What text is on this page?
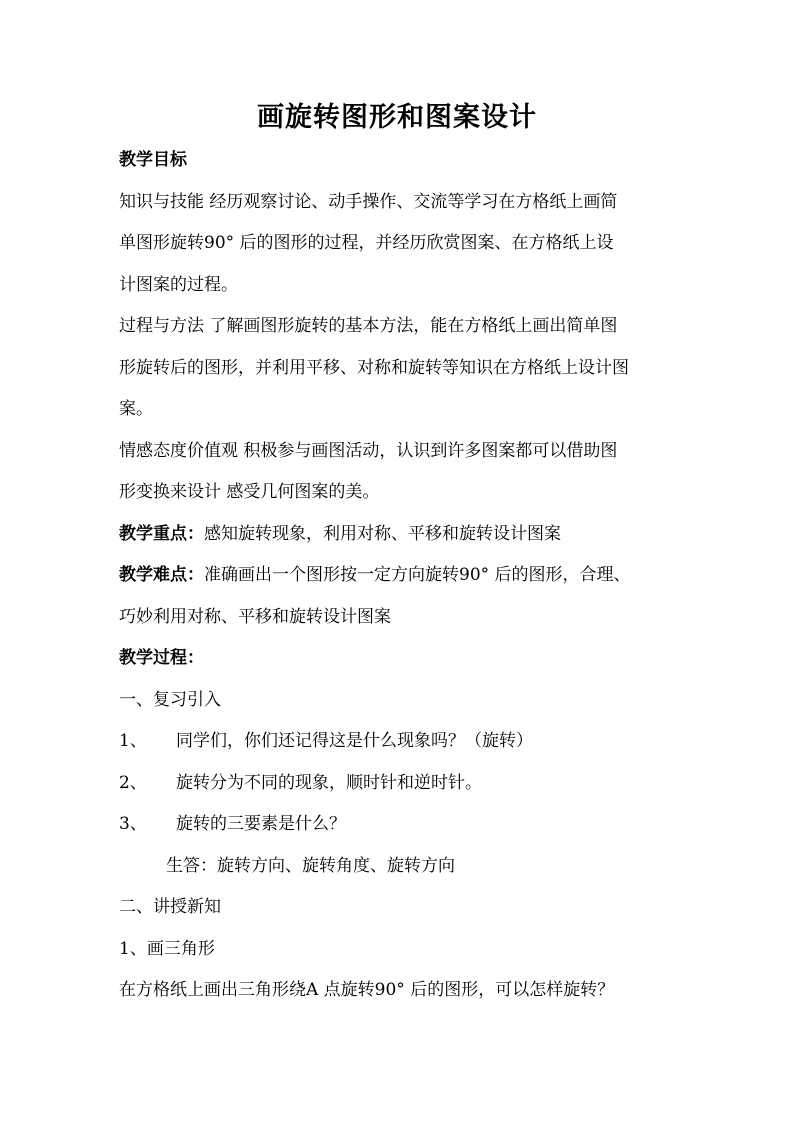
画旋转图形和图案设计
教学目标
知识与技能 经历观察讨论、动手操作、交流等学习在方格纸上画简
单图形旋转90° 后的图形的过程，并经历欣赏图案、在方格纸上设
计图案的过程。
过程与方法 了解画图形旋转的基本方法，能在方格纸上画出简单图
形旋转后的图形，并利用平移、对称和旋转等知识在方格纸上设计图
案。
情感态度价值观 积极参与画图活动，认识到许多图案都可以借助图
形变换来设计 感受几何图案的美。
教学重点：感知旋转现象，利用对称、平移和旋转设计图案
教学难点：准确画出一个图形按一定方向旋转90° 后的图形，合理、
巧妙利用对称、平移和旋转设计图案
教学过程：
一、复习引入
1、 同学们，你们还记得这是什么现象吗？（旋转）
2、 旋转分为不同的现象，顺时针和逆时针。
3、 旋转的三要素是什么？
生答：旋转方向、旋转角度、旋转方向
二、讲授新知
1、画三角形
在方格纸上画出三角形绕A 点旋转90° 后的图形，可以怎样旋转？
